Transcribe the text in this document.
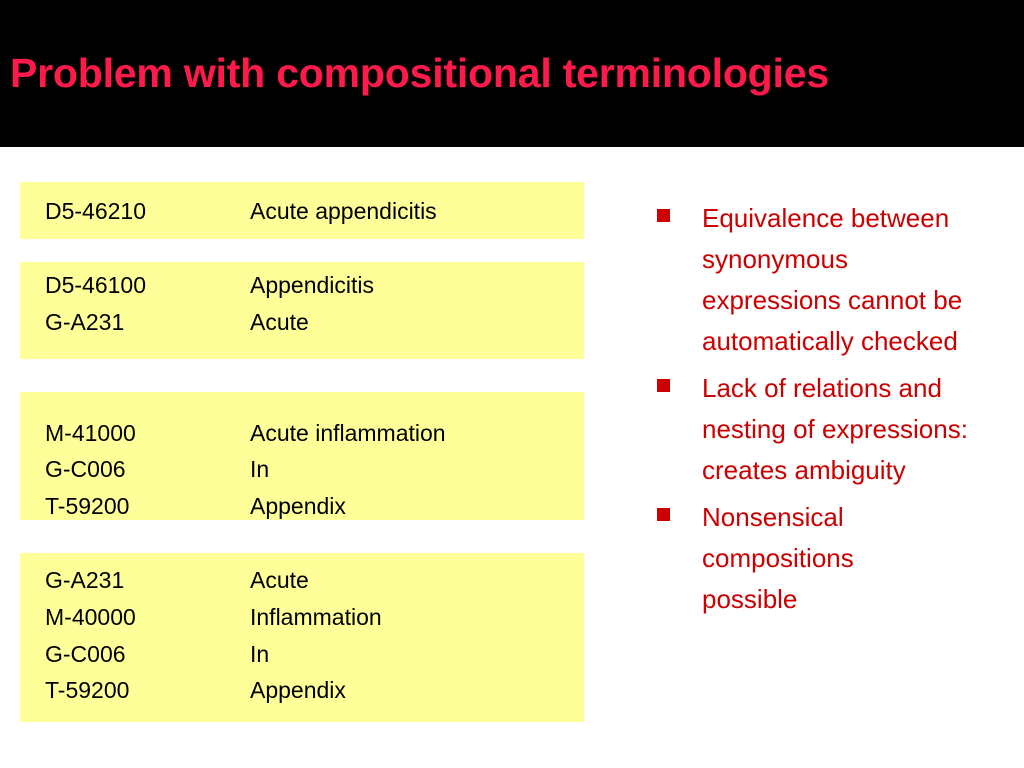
Problem with compositional terminologies
D5-46210	Acute appendicitis
D5-46100	Appendicitis
G-A231	Acute
M-41000	Acute inflammation
G-C006	In
T-59200	Appendix
G-A231	Acute
M-40000	Inflammation
G-C006	In
T-59200	Appendix
Equivalence between
synonymous
expressions cannot be
automatically checked
Lack of relations and
nesting of expressions:
creates ambiguity
Nonsensical
compositions
possible
